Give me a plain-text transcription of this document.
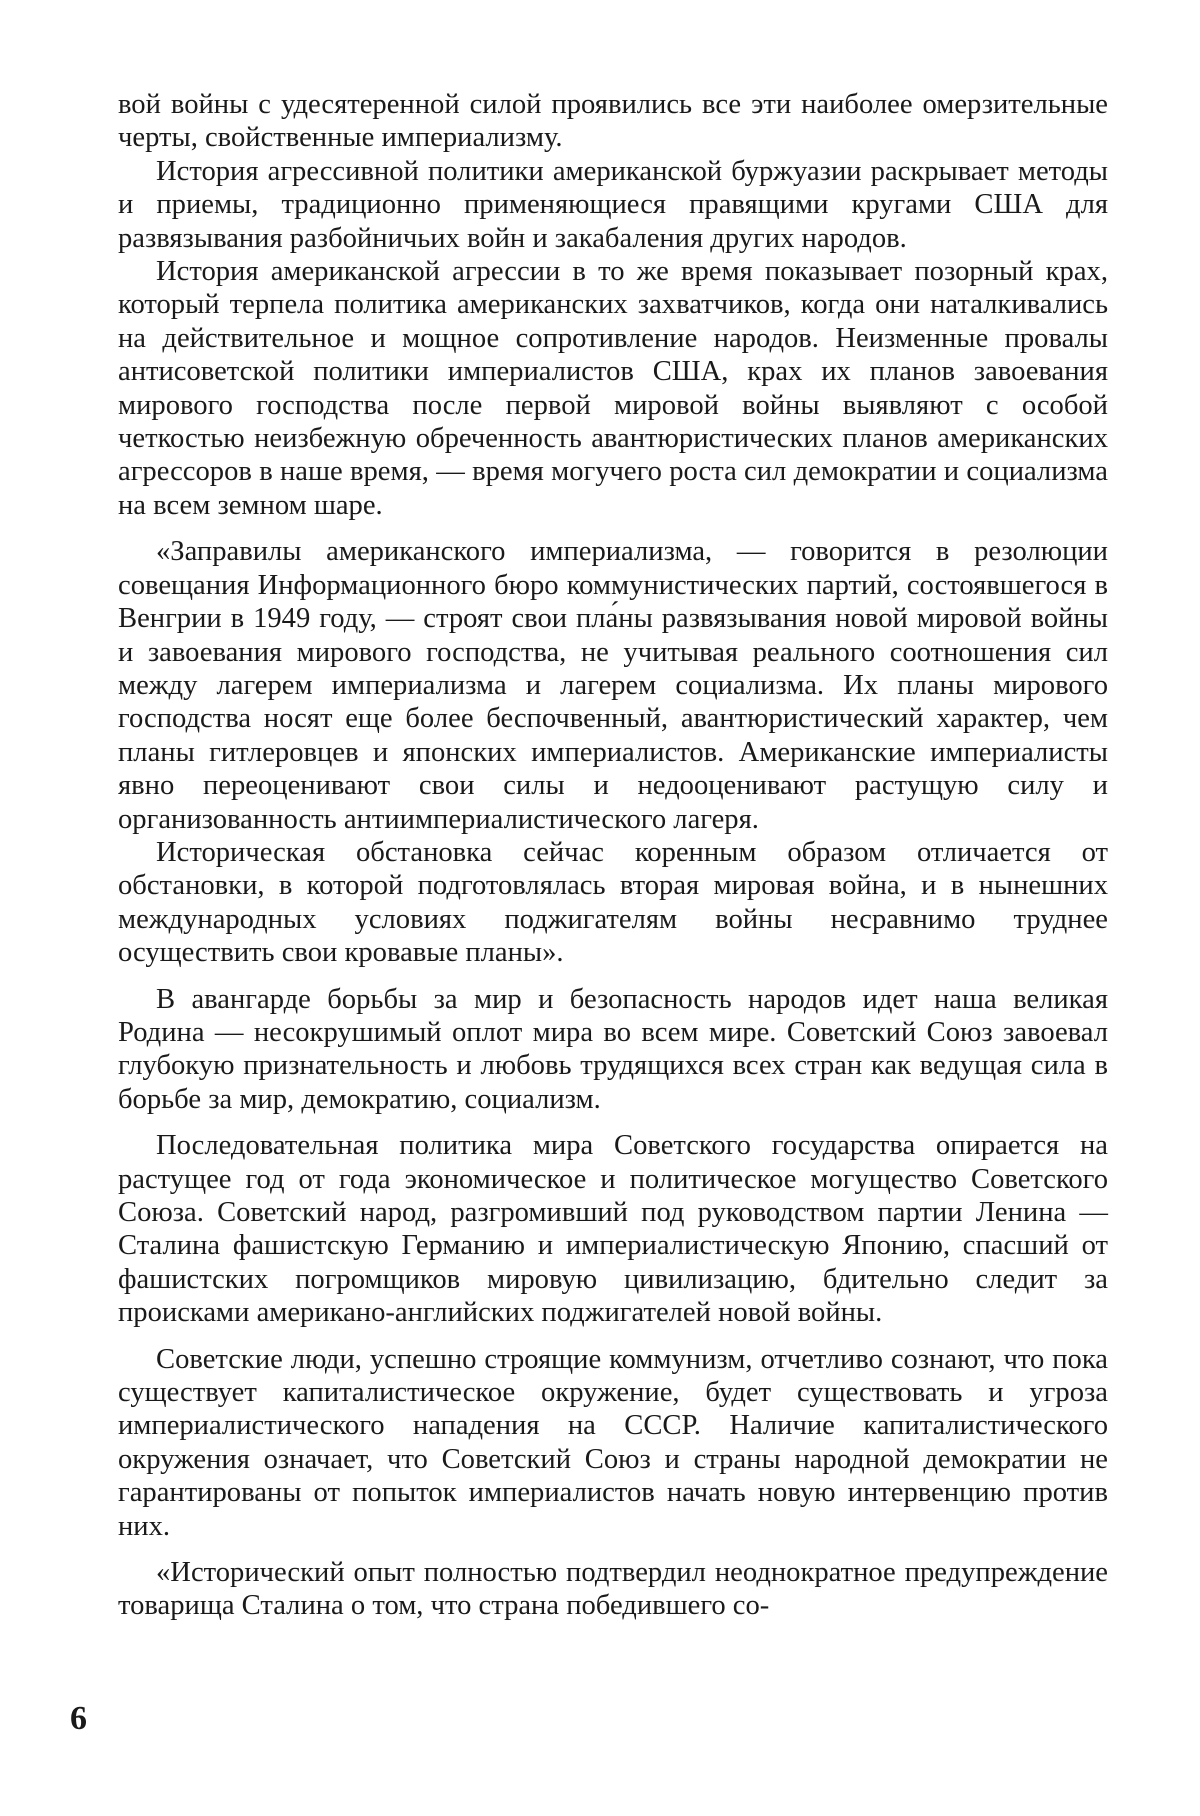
вой войны с удесятеренной силой проявились все эти наиболее омерзительные черты, свойственные империализму.

История агрессивной политики американской буржуазии раскрывает методы и приемы, традиционно применяющиеся правящими кругами США для развязывания разбойничьих войн и закабаления других народов.

История американской агрессии в то же время показывает позорный крах, который терпела политика американских захватчиков, когда они наталкивались на действительное и мощное сопротивление народов. Неизменные провалы антисоветской политики империалистов США, крах их планов завоевания мирового господства после первой мировой войны выявляют с особой четкостью неизбежную обреченность авантюристических планов американских агрессоров в наше время, — время могучего роста сил демократии и социализма на всем земном шаре.

«Заправилы американского империализма, — говорится в резолюции совещания Информационного бюро коммунистических партий, состоявшегося в Венгрии в 1949 году, — строят свои пла́ны развязывания новой мировой войны и завоевания мирового господства, не учитывая реального соотношения сил между лагерем империализма и лагерем социализма. Их планы мирового господства носят еще более беспочвенный, авантюристический характер, чем планы гитлеровцев и японских империалистов. Американские империалисты явно переоценивают свои силы и недооценивают растущую силу и организованность антиимпериалистического лагеря.

Историческая обстановка сейчас коренным образом отличается от обстановки, в которой подготовлялась вторая мировая война, и в нынешних международных условиях поджигателям войны несравнимо труднее осуществить свои кровавые планы».

В авангарде борьбы за мир и безопасность народов идет наша великая Родина — несокрушимый оплот мира во всем мире. Советский Союз завоевал глубокую признательность и любовь трудящихся всех стран как ведущая сила в борьбе за мир, демократию, социализм.

Последовательная политика мира Советского государства опирается на растущее год от года экономическое и политическое могущество Советского Союза. Советский народ, разгромивший под руководством партии Ленина — Сталина фашистскую Германию и империалистическую Японию, спасший от фашистских погромщиков мировую цивилизацию, бдительно следит за происками американо-английских поджигателей новой войны.

Советские люди, успешно строящие коммунизм, отчетливо сознают, что пока существует капиталистическое окружение, будет существовать и угроза империалистического нападения на СССР. Наличие капиталистического окружения означает, что Советский Союз и страны народной демократии не гарантированы от попыток империалистов начать новую интервенцию против них.

«Исторический опыт полностью подтвердил неоднократное предупреждение товарища Сталина о том, что страна победившего со-

6
